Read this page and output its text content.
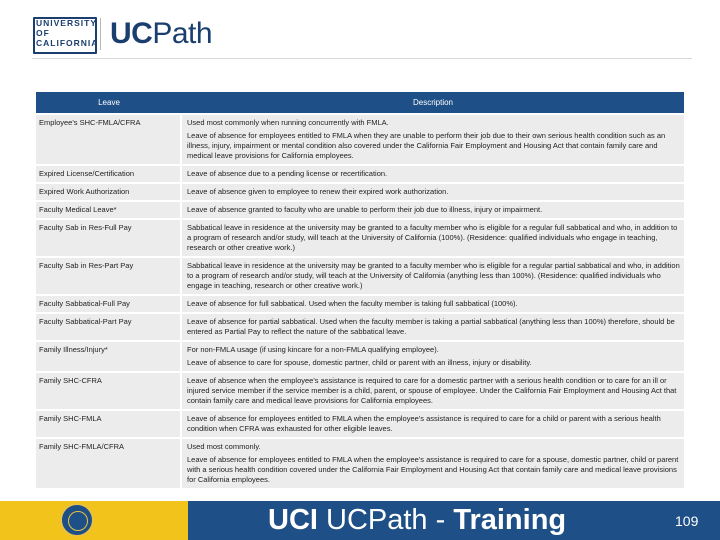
UNIVERSITY
OF
CALIFORNIA UCPath
Leave	Description
Employee's SHC-FMLA/CFRA	Used most commonly when running concurrently with FMLA.
Leave of absence for employees entitled to FMLA when they are unable to perform their job due to their own serious health condition such as an illness, injury, impairment or mental condition also covered under the California Fair Employment and Housing Act that contain family care and medical leave provisions for California employees.

Expired License/Certification	Leave of absence due to a pending license or recertification.

Expired Work Authorization	Leave of absence given to employee to renew their expired work authorization.

Faculty Medical Leave*	Leave of absence granted to faculty who are unable to perform their job due to illness, injury or impairment.

Faculty Sab in Res-Full Pay	Sabbatical leave in residence at the university may be granted to a faculty member who is eligible for a regular full sabbatical and who, in addition to a program of research and/or study, will teach at the University of California (100%). (Residence: qualified individuals who engage in teaching, research or other creative work.)

Faculty Sab in Res-Part Pay	Sabbatical leave in residence at the university may be granted to a faculty member who is eligible for a regular partial sabbatical and who, in addition to a program of research and/or study, will teach at the University of California (anything less than 100%). (Residence: qualified individuals who engage in teaching, research or other creative work.)

Faculty Sabbatical-Full Pay	Leave of absence for full sabbatical. Used when the faculty member is taking full sabbatical (100%).

Faculty Sabbatical-Part Pay	Leave of absence for partial sabbatical. Used when the faculty member is taking a partial sabbatical (anything less than 100%) therefore, should be entered as Partial Pay to reflect the nature of the sabbatical leave.

Family Illness/Injury*	For non-FMLA usage (if using kincare for a non-FMLA qualifying employee).
Leave of absence to care for spouse, domestic partner, child or parent with an illness, injury or disability.

Family SHC-CFRA	Leave of absence when the employee's assistance is required to care for a domestic partner with a serious health condition or to care for an ill or injured service member if the service member is a child, parent, or spouse of employee. Under the California Fair Employment and Housing Act that contain family care and medical leave provisions for California employees.

Family SHC-FMLA	Leave of absence for employees entitled to FMLA when the employee's assistance is required to care for a child or parent with a serious health condition when CFRA was exhausted for other eligible leaves.

Family SHC-FMLA/CFRA	Used most commonly.
Leave of absence for employees entitled to FMLA when the employee's assistance is required to care for a spouse, domestic partner, child or parent with a serious health condition covered under the California Fair Employment and Housing Act that contain family care and medical leave provisions for California employees.
UCI UCPath - Training	109
